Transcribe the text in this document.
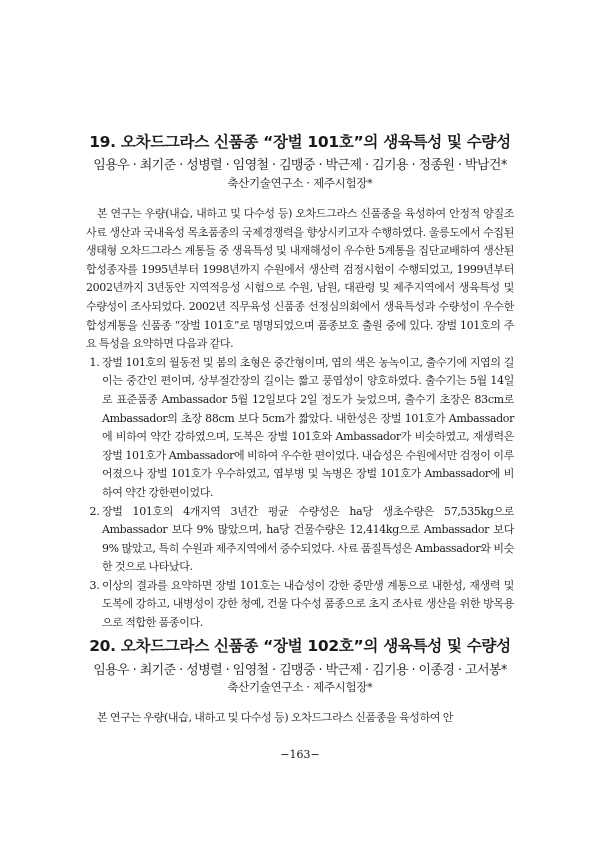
19. 오차드그라스 신품종 “장벌 101호”의 생육특성 및 수량성
임용우 · 최기준 · 성병렬 · 임영철 · 김맹중 · 박근제 · 김기용 · 정종원 · 박남건*
축산기술연구소 · 제주시험장*

본 연구는 우량(내습, 내하고 및 다수성 등) 오차드그라스 신품종을 육성하여 안정적 양질조사료 생산과 국내육성 목초품종의 국제경쟁력을 향상시키고자 수행하였다. 울릉도에서 수집된 생태형 오차드그라스 계통들 중 생육특성 및 내재해성이 우수한 5계통을 집단교배하여 생산된 합성종자를 1995년부터 1998년까지 수원에서 생산력 검정시험이 수행되었고, 1999년부터 2002년까지 3년동안 지역적응성 시험으로 수원, 남원, 대관령 및 제주지역에서 생육특성 및 수량성이 조사되었다. 2002년 직무육성 신품종 선정심의회에서 생육특성과 수량성이 우수한 합성계통을 신품종 “장벌 101호”로 명명되었으며 품종보호 출원 중에 있다. 장벌 101호의 주요 특성을 요약하면 다음과 같다.

1. 장벌 101호의 월동전 및 봄의 초형은 중간형이며, 엽의 색은 농녹이고, 출수기에 지엽의 길이는 중간인 편이며, 상부절간장의 길이는 짧고 풍엽성이 양호하였다. 출수기는 5월 14일로 표준품종 Ambassador 5월 12일보다 2일 정도가 늦었으며, 출수기 초장은 83cm로 Ambassador의 초장 88cm 보다 5cm가 짧았다. 내한성은 장벌 101호가 Ambassador에 비하여 약간 강하였으며, 도복은 장벌 101호와 Ambassador가 비슷하였고, 재생력은 장벌 101호가 Ambassador에 비하여 우수한 편이었다. 내습성은 수원에서만 검정이 이루어졌으나 장벌 101호가 우수하였고, 엽부병 및 녹병은 장벌 101호가 Ambassador에 비하여 약간 강한편이었다.
2. 장벌 101호의 4개지역 3년간 평균 수량성은 ha당 생초수량은 57,535kg으로 Ambassador 보다 9% 많았으며, ha당 건물수량은 12,414kg으로 Ambassador 보다 9% 많았고, 특히 수원과 제주지역에서 증수되었다. 사료 품질특성은 Ambassador와 비슷한 것으로 나타났다.
3. 이상의 결과를 요약하면 장벌 101호는 내습성이 강한 중만생 계통으로 내한성, 재생력 및 도복에 강하고, 내병성이 강한 청예, 건물 다수성 품종으로 초지 조사료 생산을 위한 방목용으로 적합한 품종이다.
20. 오차드그라스 신품종 “장벌 102호”의 생육특성 및 수량성
임용우 · 최기준 · 성병렬 · 임영철 · 김맹중 · 박근제 · 김기용 · 이종경 · 고서봉*
축산기술연구소 · 제주시험장*

본 연구는 우량(내습, 내하고 및 다수성 등) 오차드그라스 신품종을 육성하여 안

−163−
